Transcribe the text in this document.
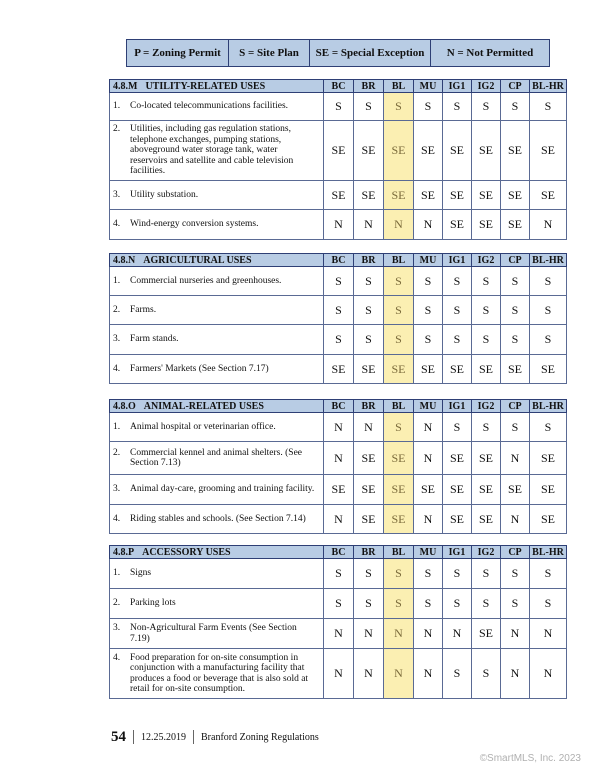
P = Zoning Permit	S = Site Plan	SE = Special Exception	N = Not Permitted
4.8.M UTILITY-RELATED USES	BC	BR	BL	MU	IG1	IG2	CP	BL-HR
1. Co-located telecommunications facilities.	S	S	S	S	S	S	S	S
2. Utilities, including gas regulation stations, telephone exchanges, pumping stations, aboveground water storage tank, water reservoirs and satellite and cable television facilities.	SE	SE	SE	SE	SE	SE	SE	SE
3. Utility substation.	SE	SE	SE	SE	SE	SE	SE	SE
4. Wind-energy conversion systems.	N	N	N	N	SE	SE	SE	N
4.8.N AGRICULTURAL USES	BC	BR	BL	MU	IG1	IG2	CP	BL-HR
1. Commercial nurseries and greenhouses.	S	S	S	S	S	S	S	S
2. Farms.	S	S	S	S	S	S	S	S
3. Farm stands.	S	S	S	S	S	S	S	S
4. Farmers' Markets (See Section 7.17)	SE	SE	SE	SE	SE	SE	SE	SE
4.8.O ANIMAL-RELATED USES	BC	BR	BL	MU	IG1	IG2	CP	BL-HR
1. Animal hospital or veterinarian office.	N	N	S	N	S	S	S	S
2. Commercial kennel and animal shelters. (See Section 7.13)	N	SE	SE	N	SE	SE	N	SE
3. Animal day-care, grooming and training facility.	SE	SE	SE	SE	SE	SE	SE	SE
4. Riding stables and schools. (See Section 7.14)	N	SE	SE	N	SE	SE	N	SE
4.8.P ACCESSORY USES	BC	BR	BL	MU	IG1	IG2	CP	BL-HR
1. Signs	S	S	S	S	S	S	S	S
2. Parking lots	S	S	S	S	S	S	S	S
3. Non-Agricultural Farm Events (See Section 7.19)	N	N	N	N	N	SE	N	N
4. Food preparation for on-site consumption in conjunction with a manufacturing facility that produces a food or beverage that is also sold at retail for on-site consumption.	N	N	N	N	S	S	N	N
54 12.25.2019 Branford Zoning Regulations
©SmartMLS, Inc. 2023
